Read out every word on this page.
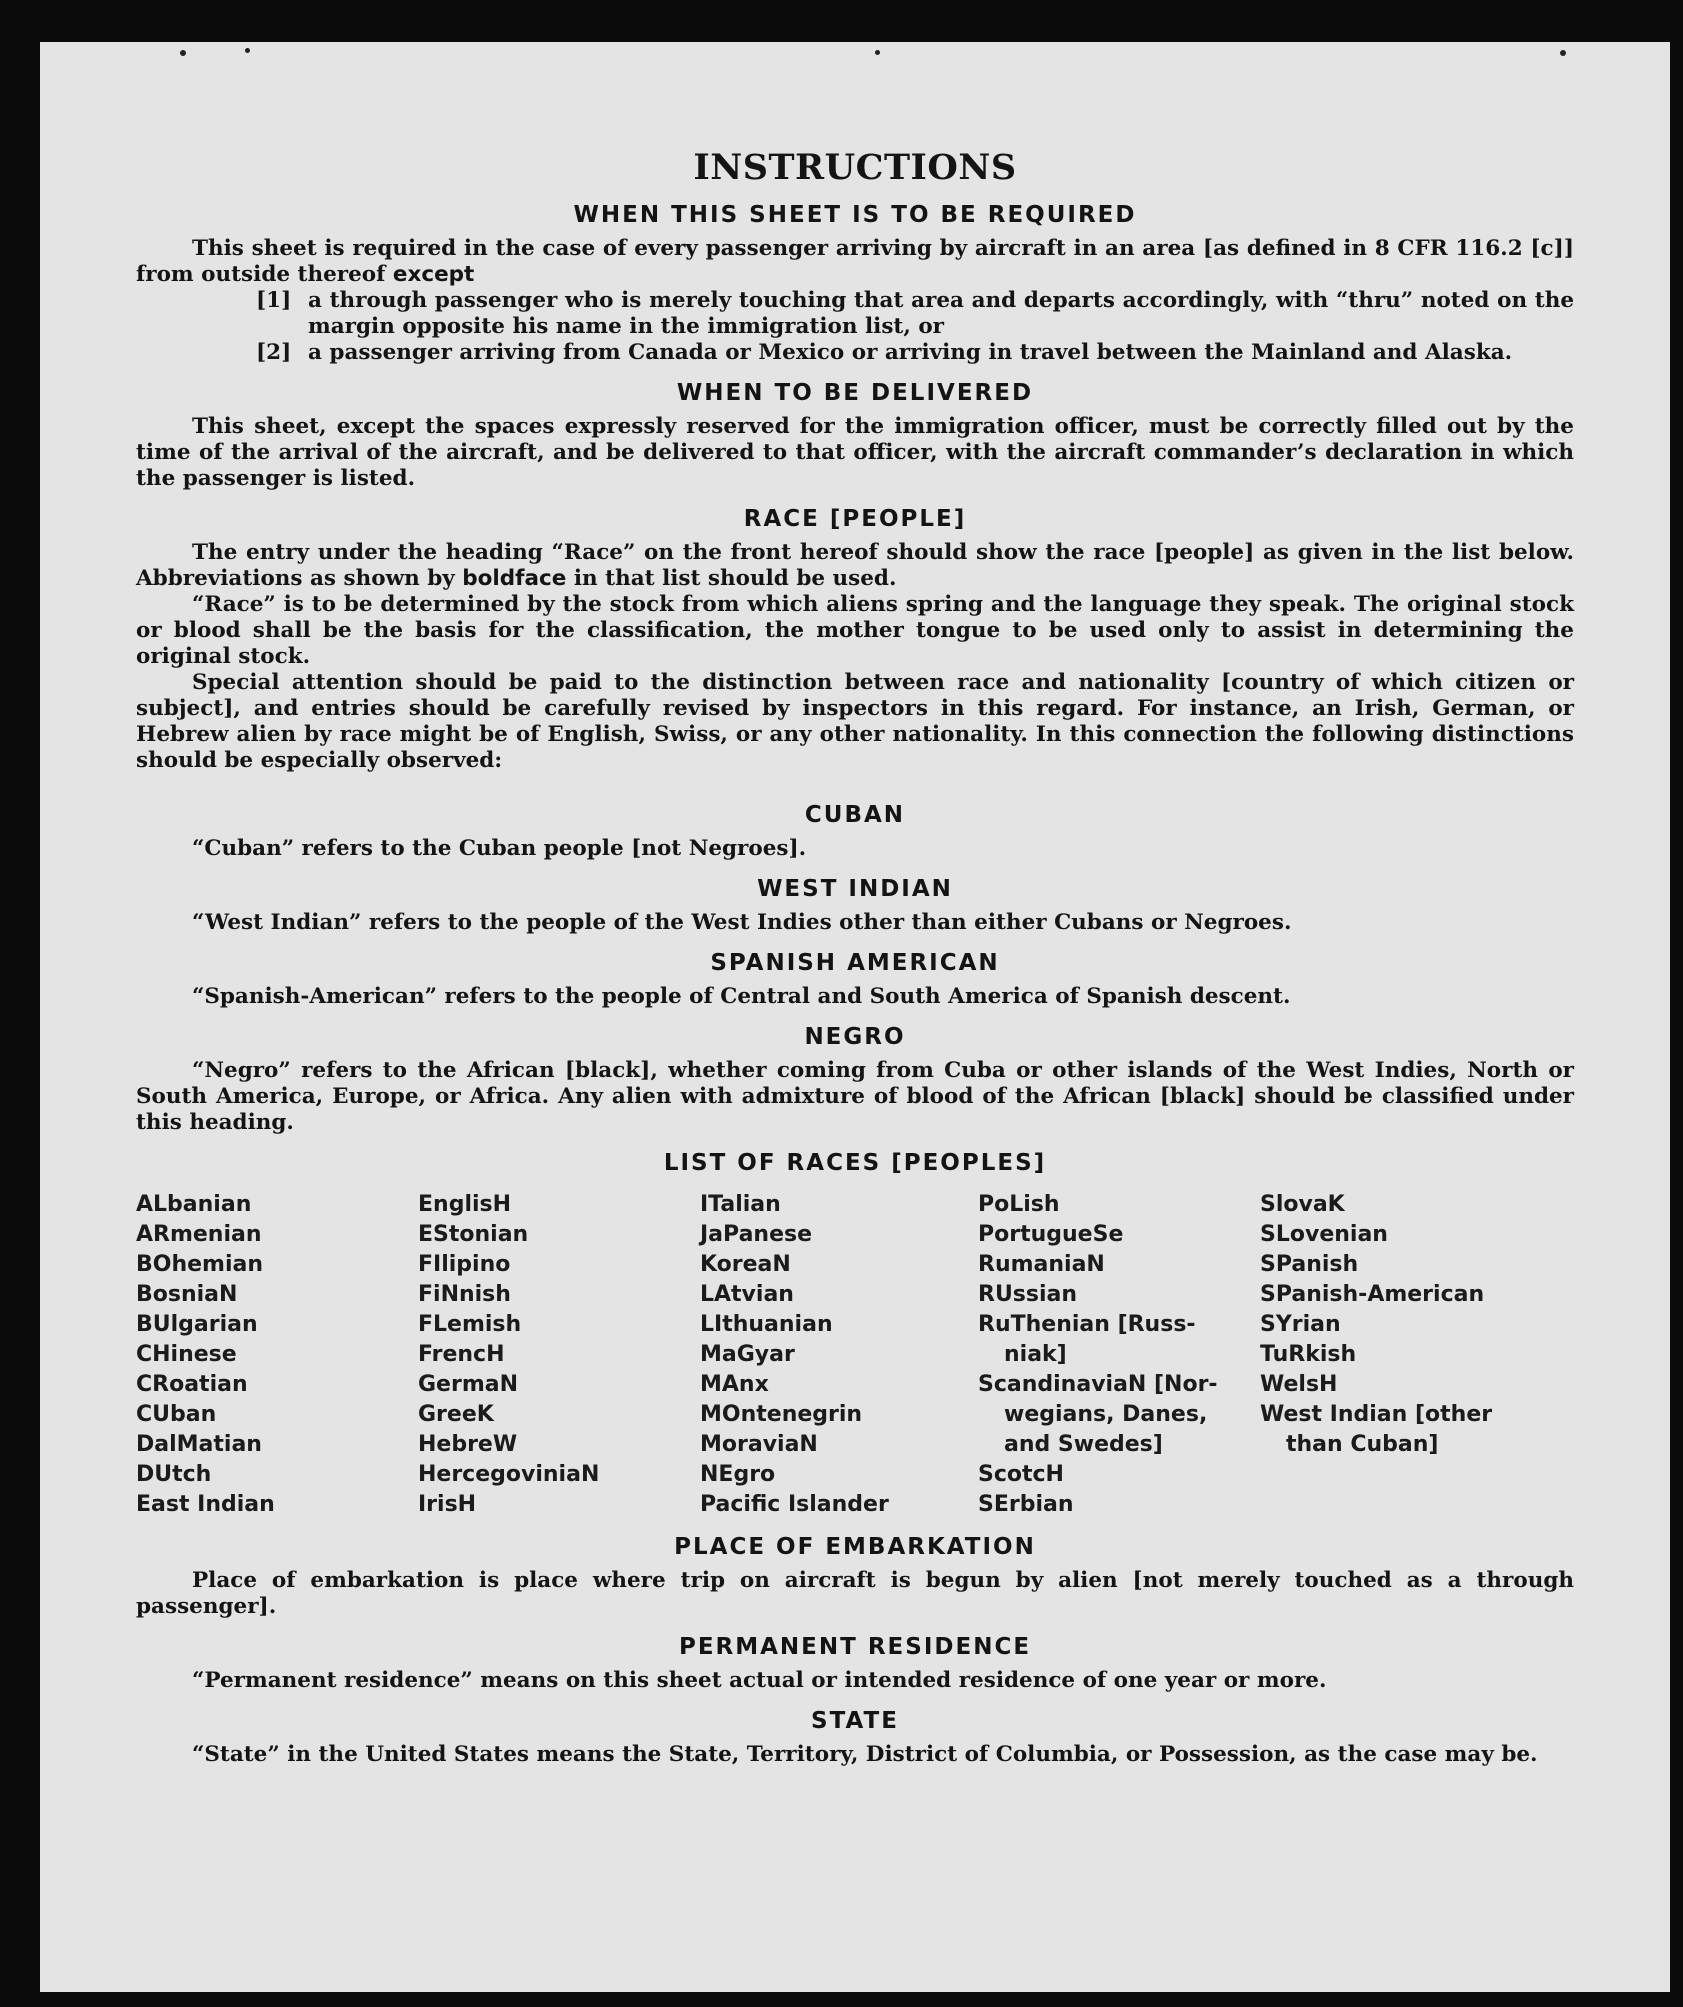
INSTRUCTIONS
WHEN THIS SHEET IS TO BE REQUIRED

This sheet is required in the case of every passenger arriving by aircraft in an area [as defined in 8 CFR 116.2 [c]] from outside thereof except

[1] a through passenger who is merely touching that area and departs accordingly, with “thru” noted on the margin opposite his name in the immigration list, or
[2] a passenger arriving from Canada or Mexico or arriving in travel between the Mainland and Alaska.
WHEN TO BE DELIVERED

This sheet, except the spaces expressly reserved for the immigration officer, must be correctly filled out by the time of the arrival of the aircraft, and be delivered to that officer, with the aircraft commander’s declaration in which the passenger is listed.

RACE [PEOPLE]

The entry under the heading “Race” on the front hereof should show the race [people] as given in the list below. Abbreviations as shown by boldface in that list should be used.

“Race” is to be determined by the stock from which aliens spring and the language they speak. The original stock or blood shall be the basis for the classification, the mother tongue to be used only to assist in determining the original stock.

Special attention should be paid to the distinction between race and nationality [country of which citizen or subject], and entries should be carefully revised by inspectors in this regard. For instance, an Irish, German, or Hebrew alien by race might be of English, Swiss, or any other nationality. In this connection the following distinctions should be especially observed:

CUBAN

“Cuban” refers to the Cuban people [not Negroes].

WEST INDIAN

“West Indian” refers to the people of the West Indies other than either Cubans or Negroes.

SPANISH AMERICAN

“Spanish-American” refers to the people of Central and South America of Spanish descent.

NEGRO

“Negro” refers to the African [black], whether coming from Cuba or other islands of the West Indies, North or South America, Europe, or Africa. Any alien with admixture of blood of the African [black] should be classified under this heading.

LIST OF RACES [PEOPLES]
ALbanian
ARmenian
BOhemian
BosniaN
BUlgarian
CHinese
CRoatian
CUban
DalMatian
DUtch
East Indian
EnglisH
EStonian
FIlipino
FiNnish
FLemish
FrencH
GermaN
GreeK
HebreW
HercegoviniaN
IrisH
ITalian
JaPanese
KoreaN
LAtvian
LIthuanian
MaGyar
MAnx
MOntenegrin
MoraviaN
NEgro
Pacific Islander
PoLish
PortugueSe
RumaniaN
RUssian
RuThenian [Russ-
niak]
ScandinaviaN [Nor-
wegians, Danes,
and Swedes]
ScotcH
SErbian
SlovaK
SLovenian
SPanish
SPanish-American
SYrian
TuRkish
WelsH
West Indian [other
than Cuban]
PLACE OF EMBARKATION

Place of embarkation is place where trip on aircraft is begun by alien [not merely touched as a through passenger].

PERMANENT RESIDENCE

“Permanent residence” means on this sheet actual or intended residence of one year or more.

STATE

“State” in the United States means the State, Territory, District of Columbia, or Possession, as the case may be.
